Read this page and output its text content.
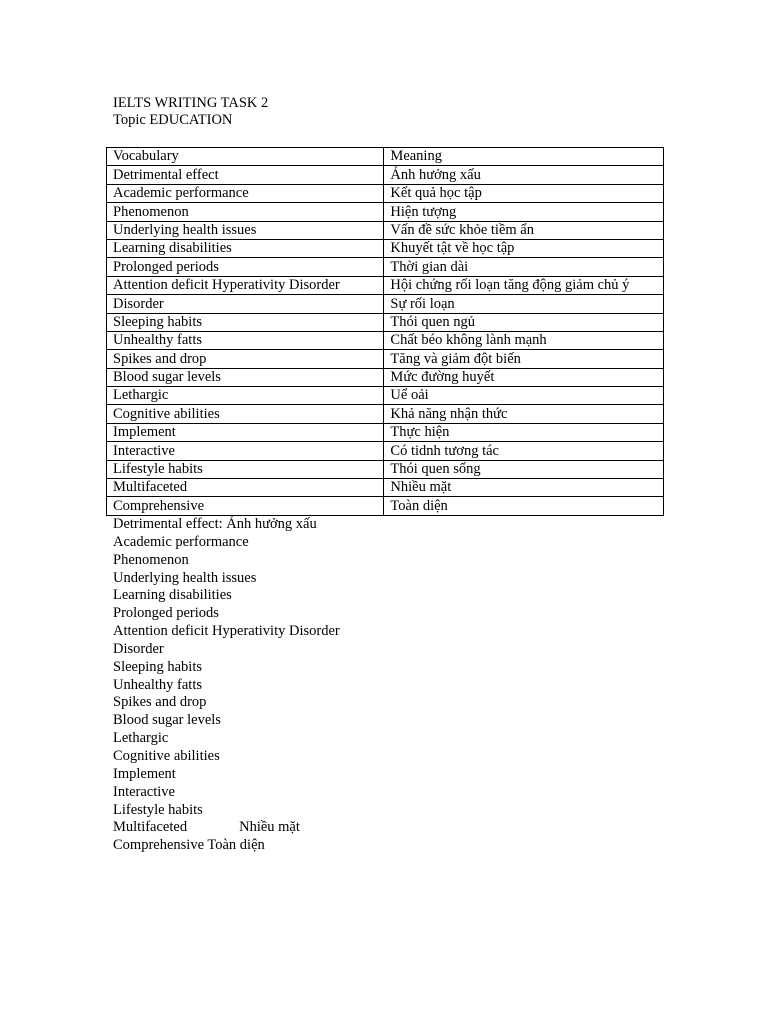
IELTS WRITING TASK 2
Topic EDUCATION
Vocabulary	Meaning
Detrimental effect	Ảnh hưởng xấu
Academic performance	Kết quả học tập
Phenomenon	Hiện tượng
Underlying health issues	Vấn đề sức khỏe tiềm ẩn
Learning disabilities	Khuyết tật về học tập
Prolonged periods	Thời gian dài
Attention deficit Hyperativity Disorder	Hội chứng rối loạn tăng động giảm chủ ý
Disorder	Sự rối loạn
Sleeping habits	Thói quen ngủ
Unhealthy fatts	Chất béo không lành mạnh
Spikes and drop	Tăng và giảm đột biến
Blood sugar levels	Mức đường huyết
Lethargic	Uể oải
Cognitive abilities	Khả năng nhận thức
Implement	Thực hiện
Interactive	Có tidnh tương tác
Lifestyle habits	Thói quen sống
Multifaceted	Nhiều mặt
Comprehensive	Toàn diện
Detrimental effect: Ảnh hưởng xấu
Academic performance
Phenomenon
Underlying health issues
Learning disabilities
Prolonged periods
Attention deficit Hyperativity Disorder
Disorder
Sleeping habits
Unhealthy fatts
Spikes and drop
Blood sugar levels
Lethargic
Cognitive abilities
Implement
Interactive
Lifestyle habits
Multifaceted	Nhiều mặt
Comprehensive Toàn diện
